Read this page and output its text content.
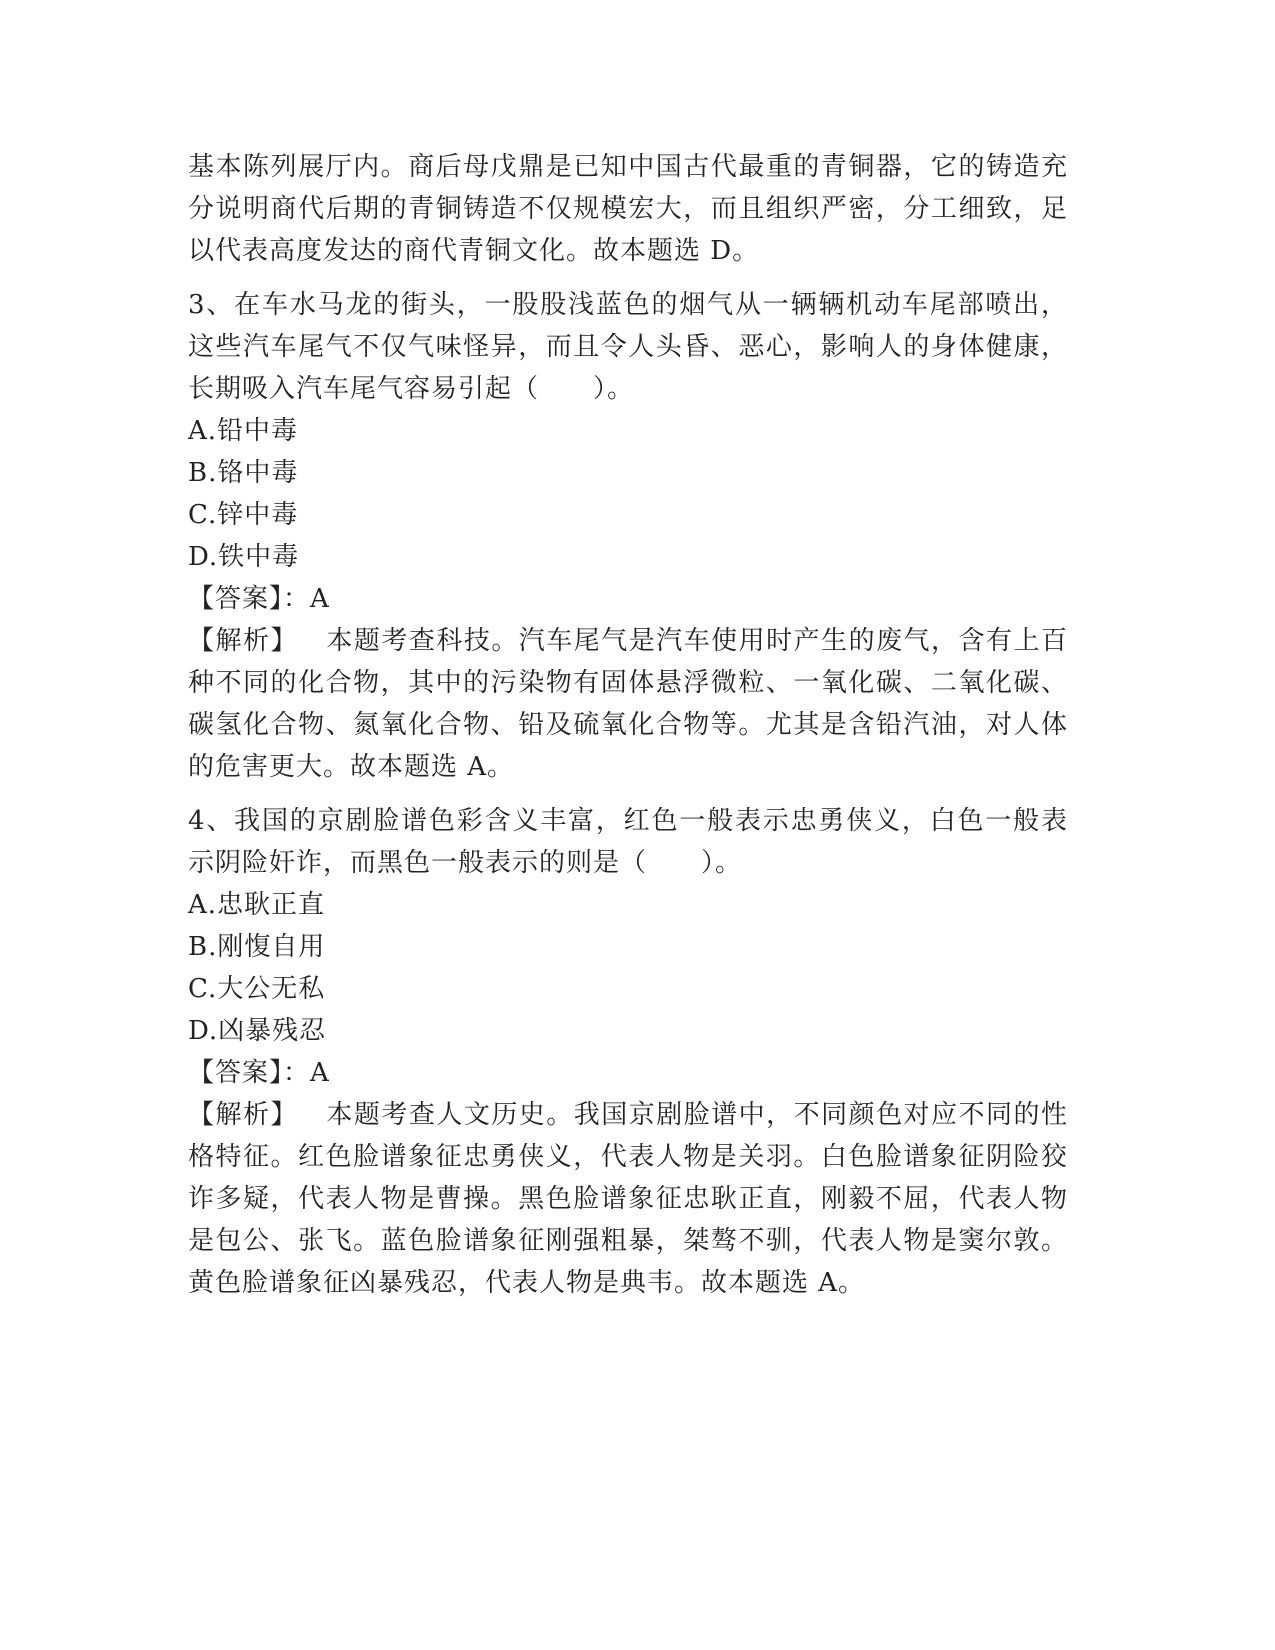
基本陈列展厅内。商后母戊鼎是已知中国古代最重的青铜器，它的铸造充分说明商代后期的青铜铸造不仅规模宏大，而且组织严密，分工细致，足以代表高度发达的商代青铜文化。故本题选 D。

3、在车水马龙的街头，一股股浅蓝色的烟气从一辆辆机动车尾部喷出，这些汽车尾气不仅气味怪异，而且令人头昏、恶心，影响人的身体健康，长期吸入汽车尾气容易引起（　　）。

A.铅中毒

B.铬中毒

C.锌中毒

D.铁中毒

【答案】：A

【解析】 本题考查科技。汽车尾气是汽车使用时产生的废气，含有上百种不同的化合物，其中的污染物有固体悬浮微粒、一氧化碳、二氧化碳、碳氢化合物、氮氧化合物、铅及硫氧化合物等。尤其是含铅汽油，对人体的危害更大。故本题选 A。

4、我国的京剧脸谱色彩含义丰富，红色一般表示忠勇侠义，白色一般表示阴险奸诈，而黑色一般表示的则是（　　）。

A.忠耿正直

B.刚愎自用

C.大公无私

D.凶暴残忍

【答案】：A

【解析】 本题考查人文历史。我国京剧脸谱中，不同颜色对应不同的性格特征。红色脸谱象征忠勇侠义，代表人物是关羽。白色脸谱象征阴险狡诈多疑，代表人物是曹操。黑色脸谱象征忠耿正直，刚毅不屈，代表人物是包公、张飞。蓝色脸谱象征刚强粗暴，桀骜不驯，代表人物是窦尔敦。黄色脸谱象征凶暴残忍，代表人物是典韦。故本题选 A。
